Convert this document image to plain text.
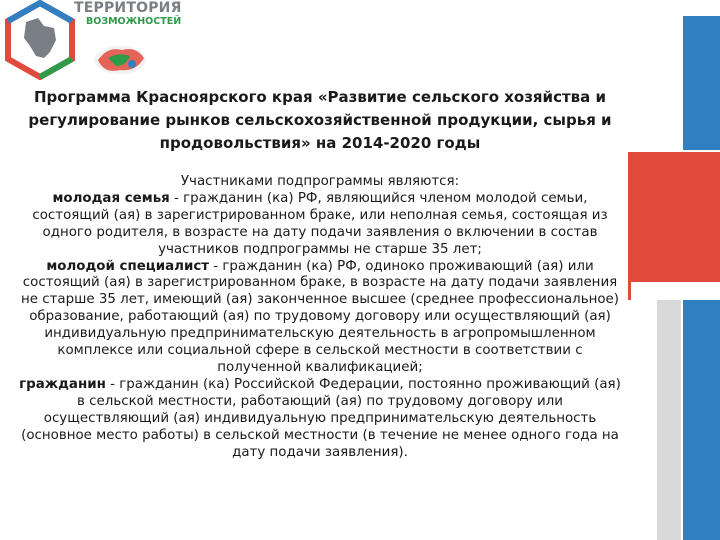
ТЕРРИТОРИЯ
ВОЗМОЖНОСТЕЙ
Программа Красноярского края «Развитие сельского хозяйства и регулирование рынков сельскохозяйственной продукции, сырья и продовольствия» на 2014-2020 годы

Участниками подпрограммы являются:

молодая семья - гражданин (ка) РФ, являющийся членом молодой семьи, состоящий (ая) в зарегистрированном браке, или неполная семья, состоящая из одного родителя, в возрасте на дату подачи заявления о включении в состав участников подпрограммы не старше 35 лет;

молодой специалист - гражданин (ка) РФ, одиноко проживающий (ая) или состоящий (ая) в зарегистрированном браке, в возрасте на дату подачи заявления не старше 35 лет, имеющий (ая) законченное высшее (среднее профессиональное) образование, работающий (ая) по трудовому договору или осуществляющий (ая) индивидуальную предпринимательскую деятельность в агропромышленном комплексе или социальной сфере в сельской местности в соответствии с полученной квалификацией;

гражданин - гражданин (ка) Российской Федерации, постоянно проживающий (ая) в сельской местности, работающий (ая) по трудовому договору или осуществляющий (ая) индивидуальную предпринимательскую деятельность (основное место работы) в сельской местности (в течение не менее одного года на дату подачи заявления).
